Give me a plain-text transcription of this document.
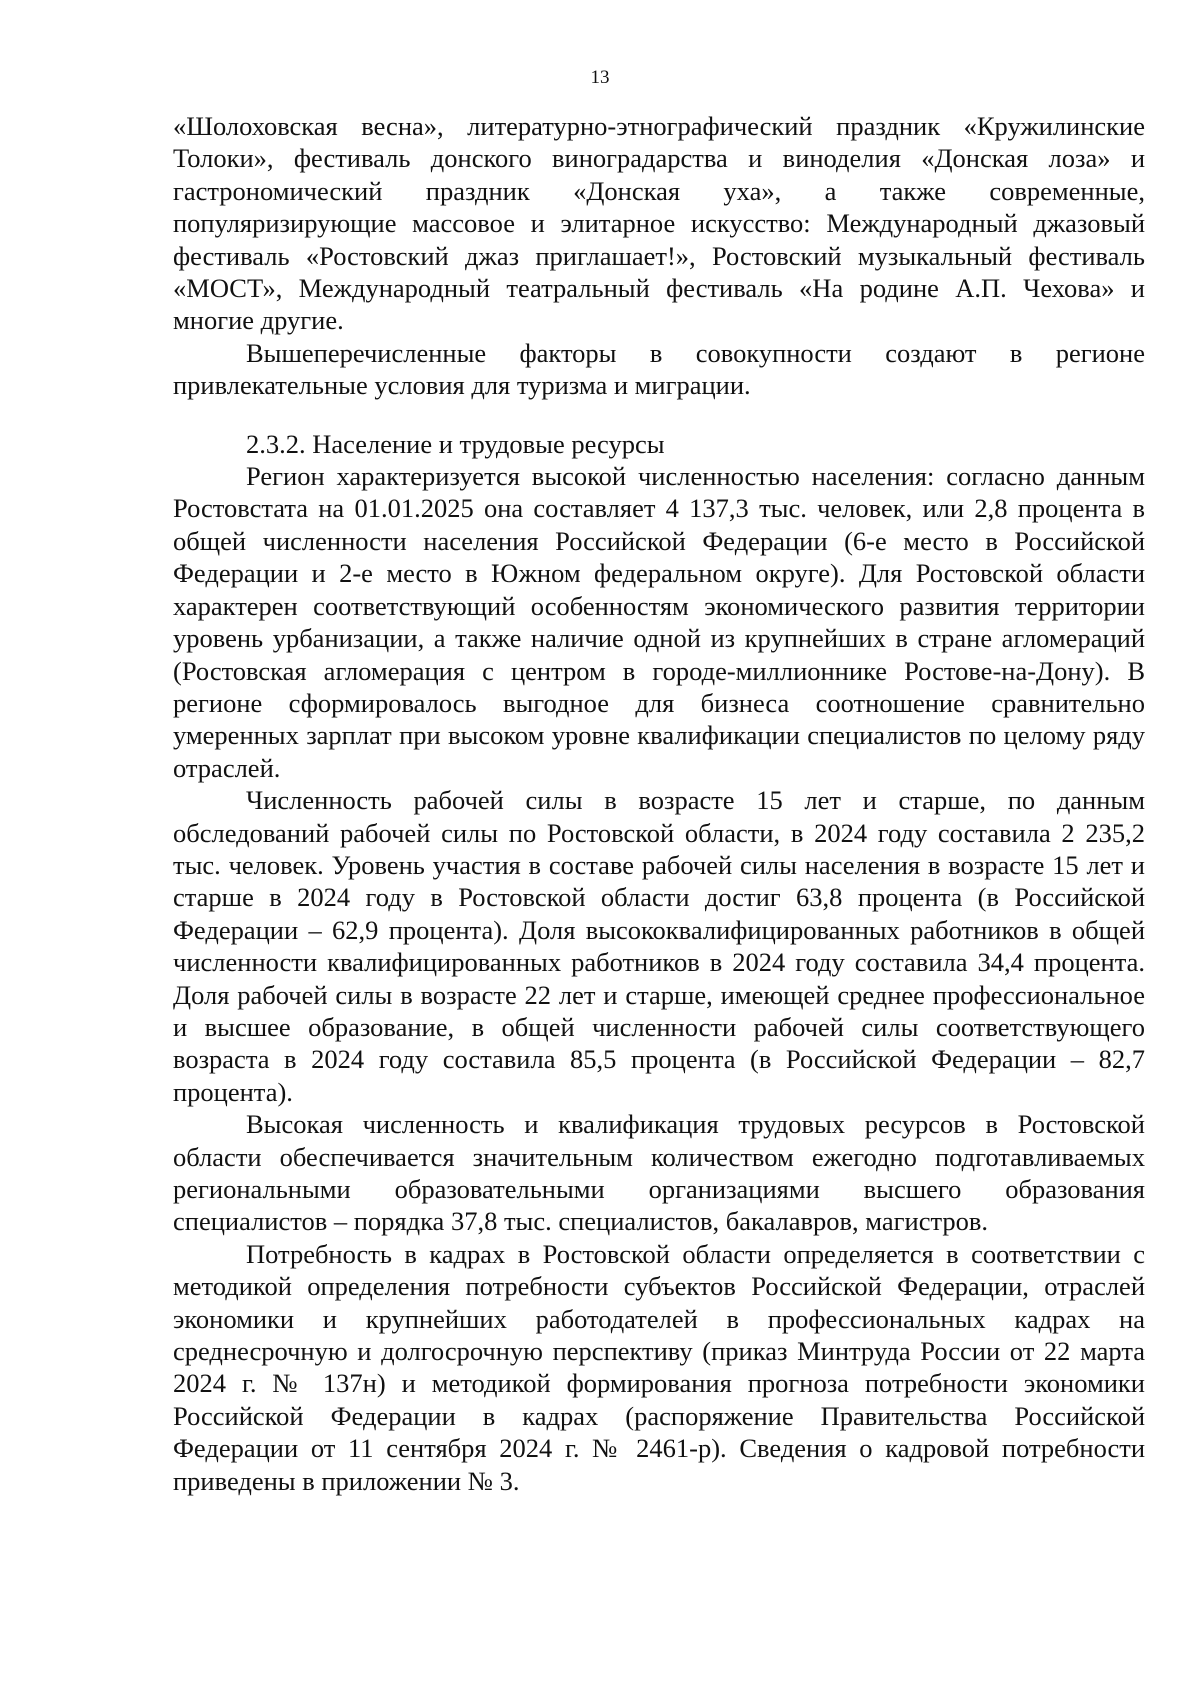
13

«Шолоховская весна», литературно-этнографический праздник «Кружилинские Толоки», фестиваль донского виноградарства и виноделия «Донская лоза» и гастрономический праздник «Донская уха», а также современные, популяризирующие массовое и элитарное искусство: Международный джазовый фестиваль «Ростовский джаз приглашает!», Ростовский музыкальный фестиваль «МОСТ», Международный театральный фестиваль «На родине А.П. Чехова» и многие другие.

Вышеперечисленные факторы в совокупности создают в регионе привлекательные условия для туризма и миграции.

2.3.2. Население и трудовые ресурсы

Регион характеризуется высокой численностью населения: согласно данным Ростовстата на 01.01.2025 она составляет 4 137,3 тыс. человек, или 2,8 процента в общей численности населения Российской Федерации (6-е место в Российской Федерации и 2-е место в Южном федеральном округе). Для Ростовской области характерен соответствующий особенностям экономического развития территории уровень урбанизации, а также наличие одной из крупнейших в стране агломераций (Ростовская агломерация с центром в городе-миллионнике Ростове-на-Дону). В регионе сформировалось выгодное для бизнеса соотношение сравнительно умеренных зарплат при высоком уровне квалификации специалистов по целому ряду отраслей.

Численность рабочей силы в возрасте 15 лет и старше, по данным обследований рабочей силы по Ростовской области, в 2024 году составила 2 235,2 тыс. человек. Уровень участия в составе рабочей силы населения в возрасте 15 лет и старше в 2024 году в Ростовской области достиг 63,8 процента (в Российской Федерации – 62,9 процента). Доля высококвалифицированных работников в общей численности квалифицированных работников в 2024 году составила 34,4 процента. Доля рабочей силы в возрасте 22 лет и старше, имеющей среднее профессиональное и высшее образование, в общей численности рабочей силы соответствующего возраста в 2024 году составила 85,5 процента (в Российской Федерации – 82,7 процента).

Высокая численность и квалификация трудовых ресурсов в Ростовской области обеспечивается значительным количеством ежегодно подготавливаемых региональными образовательными организациями высшего образования специалистов – порядка 37,8 тыс. специалистов, бакалавров, магистров.

Потребность в кадрах в Ростовской области определяется в соответствии с методикой определения потребности субъектов Российской Федерации, отраслей экономики и крупнейших работодателей в профессиональных кадрах на среднесрочную и долгосрочную перспективу (приказ Минтруда России от 22 марта 2024 г. № 137н) и методикой формирования прогноза потребности экономики Российской Федерации в кадрах (распоряжение Правительства Российской Федерации от 11 сентября 2024 г. № 2461-р). Сведения о кадровой потребности приведены в приложении № 3.
